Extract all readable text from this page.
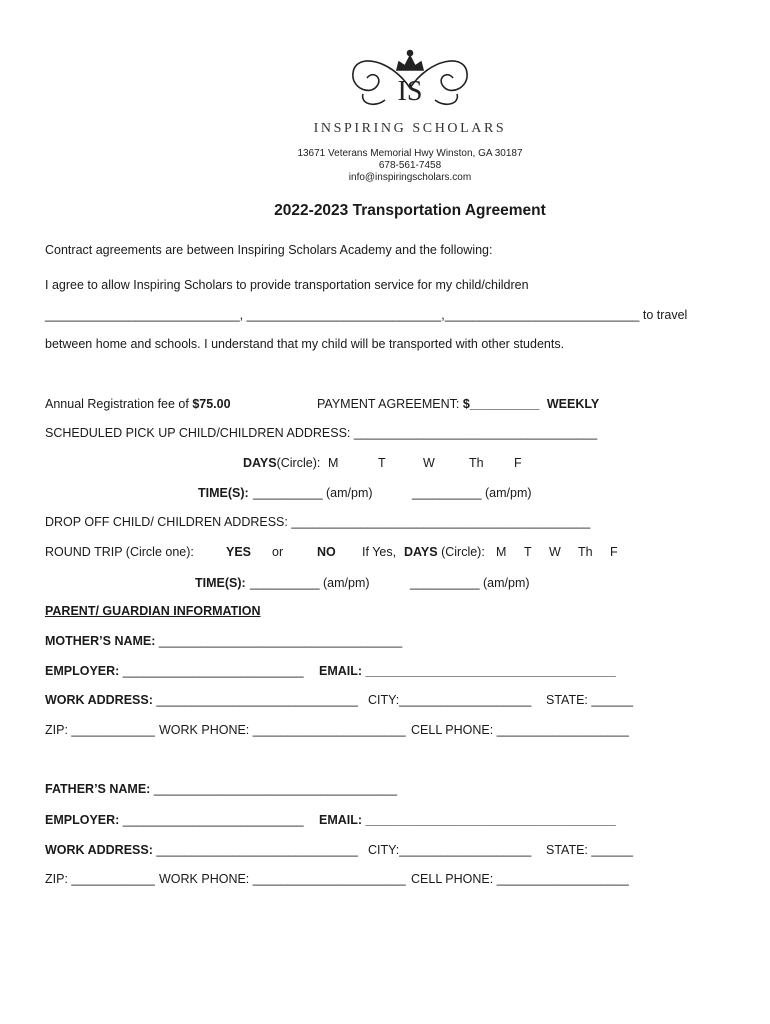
IS
INSPIRING SCHOLARS
13671 Veterans Memorial Hwy Winston, GA 30187
678-561-7458
info@inspiringscholars.com
2022-2023 Transportation Agreement
Contract agreements are between Inspiring Scholars Academy and the following:
I agree to allow Inspiring Scholars to provide transportation service for my child/children
____________________________, ____________________________,____________________________ to travel
between home and schools. I understand that my child will be transported with other students.
Annual Registration fee of $75.00	PAYMENT AGREEMENT: $__________ WEEKLY
SCHEDULED PICK UP CHILD/CHILDREN ADDRESS: ___________________________________
DAYS(Circle): M	T	W	Th F
TIME(S): __________ (am/pm)	__________ (am/pm)
DROP OFF CHILD/ CHILDREN ADDRESS: ___________________________________________
ROUND TRIP (Circle one):	YES or	NO If Yes, DAYS (Circle): M T W Th F
TIME(S): __________ (am/pm)	__________ (am/pm)
PARENT/ GUARDIAN INFORMATION
MOTHER’S NAME: ___________________________________
EMPLOYER: __________________________ EMAIL: ____________________________________
WORK ADDRESS: _____________________________ CITY:___________________ STATE: ______
ZIP: ____________ WORK PHONE: ______________________ CELL PHONE: ___________________
FATHER’S NAME: ___________________________________
EMPLOYER: __________________________ EMAIL: ____________________________________
WORK ADDRESS: _____________________________ CITY:___________________ STATE: ______
ZIP: ____________ WORK PHONE: ______________________ CELL PHONE: ___________________
